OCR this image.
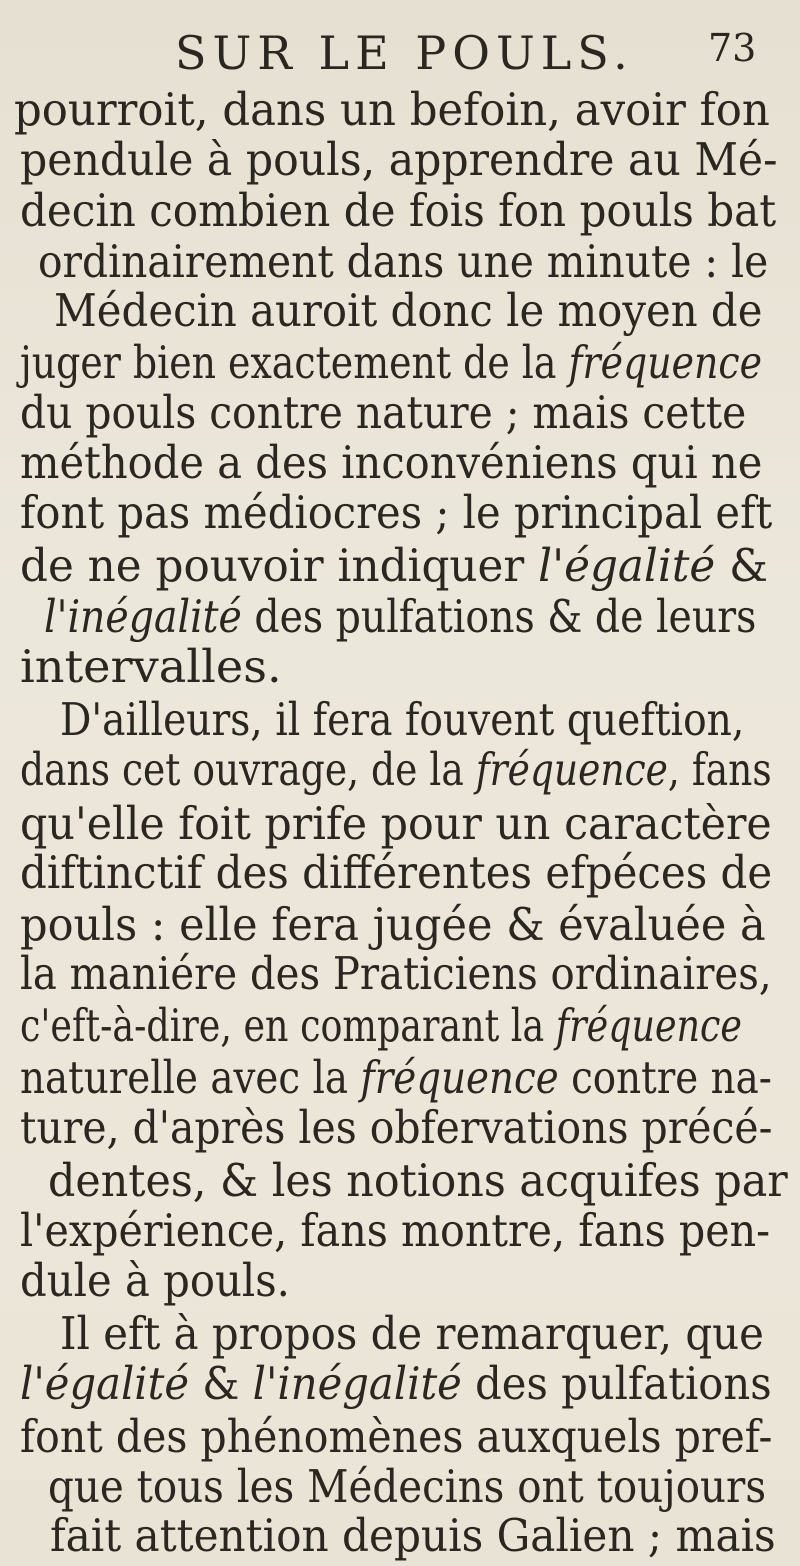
SUR LE POULS. 73
pourroit, dans un befoin, avoir fon
pendule à pouls, apprendre au Mé-
decin combien de fois fon pouls bat
ordinairement dans une minute : le
Médecin auroit donc le moyen de
juger bien exactement de la fréquence
du pouls contre nature ; mais cette
méthode a des inconvéniens qui ne
font pas médiocres ; le principal eft
de ne pouvoir indiquer l'égalité &
l'inégalité des pulfations & de leurs
intervalles.
D'ailleurs, il fera fouvent queftion,
dans cet ouvrage, de la fréquence, fans
qu'elle foit prife pour un caractère
diftinctif des différentes efpéces de
pouls : elle fera jugée & évaluée à
la maniére des Praticiens ordinaires,
c'eft-à-dire, en comparant la fréquence
naturelle avec la fréquence contre na-
ture, d'après les obfervations précé-
dentes, & les notions acquifes par
l'expérience, fans montre, fans pen-
dule à pouls.
Il eft à propos de remarquer, que
l'égalité & l'inégalité des pulfations
font des phénomènes auxquels pref-
que tous les Médecins ont toujours
fait attention depuis Galien ; mais
